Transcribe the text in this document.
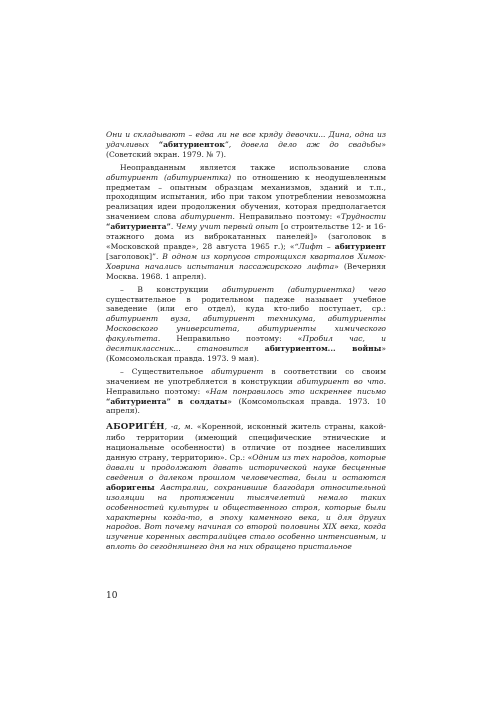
Они и складывают – едва ли не все кряду девочки... Дина, одна из удачливых “абитуриенток”, довела дело аж до свадьбы» (Советский экран. 1979. № 7).
Неоправданным является также использование слова абитуриент (абитуриентка) по отношению к неодушевленным предметам – опытным образцам механизмов, зданий и т.п., проходящим испытания, ибо при таком употреблении невозможна реализация идеи продолжения обучения, которая предполагается значением слова абитуриент. Неправильно поэтому: «Трудности “абитуриента”. Чему учит первый опыт [о строительстве 12- и 16-этажного дома из виброкатанных панелей]» (заголовок в «Московской правде», 28 августа 1965 г.); «“Лифт – абитуриент [заголовок]”. В одном из корпусов строящихся кварталов Химок-Ховрина начались испытания пассажирского лифта» (Вечерняя Москва. 1968. 1 апреля).
– В конструкции абитуриент (абитуриентка) чего существительное в родительном падеже называет учебное заведение (или его отдел), куда кто-либо поступает, ср.: абитуриент вуза, абитуриент техникума, абитуриенты Московского университета, абитуриенты химического факультета. Неправильно поэтому: «Пробил час, и десятиклассник... становится абитуриентом... войны» (Комсомольская правда. 1973. 9 мая).
– Существительное абитуриент в соответствии со своим значением не употребляется в конструкции абитуриент во что. Неправильно поэтому: «Нам понравилось это искреннее письмо “абитуриента” в солдаты» (Комсомольская правда. 1973. 10 апреля).
АБОРИГЕ́Н, -а, м. «Коренной, исконный житель страны, какой-либо территории (имеющий специфические этнические и национальные особенности) в отличие от позднее населивших данную страну, территорию». Ср.: «Одним из тех народов, которые давали и продолжают давать исторической науке бесценные сведения о далеком прошлом человечества, были и остаются аборигены Австралии, сохранившие благодаря относительной изоляции на протяжении тысячелетий немало таких особенностей культуры и общественного строя, которые были характерны когда-то, в эпоху каменного века, и для других народов. Вот почему начиная со второй половины XIX века, когда изучение коренных австралийцев стало особенно интенсивным, и вплоть до сегодняшнего дня на них обращено пристальное
10
